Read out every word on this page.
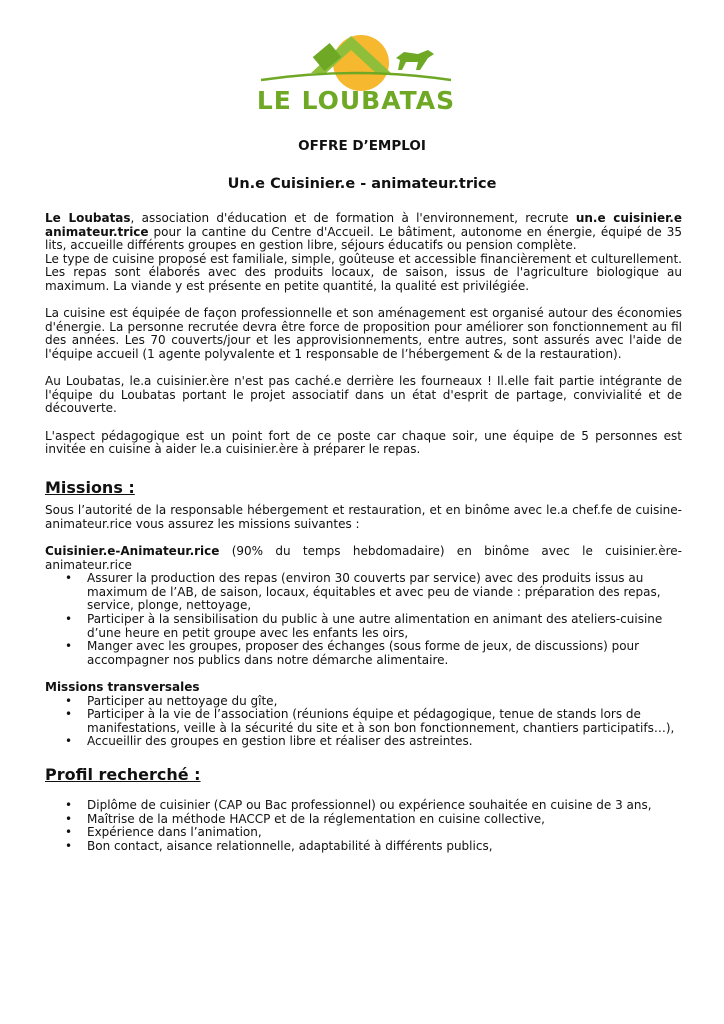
LE LOUBATAS
OFFRE D’EMPLOI
Un.e Cuisinier.e - animateur.trice

Le Loubatas, association d'éducation et de formation à l'environnement, recrute un.e cuisinier.e animateur.trice pour la cantine du Centre d'Accueil. Le bâtiment, autonome en énergie, équipé de 35 lits, accueille différents groupes en gestion libre, séjours éducatifs ou pension complète.

Le type de cuisine proposé est familiale, simple, goûteuse et accessible financièrement et culturellement. Les repas sont élaborés avec des produits locaux, de saison, issus de l'agriculture biologique au maximum. La viande y est présente en petite quantité, la qualité est privilégiée.

La cuisine est équipée de façon professionnelle et son aménagement est organisé autour des économies d'énergie. La personne recrutée devra être force de proposition pour améliorer son fonctionnement au fil des années. Les 70 couverts/jour et les approvisionnements, entre autres, sont assurés avec l'aide de l'équipe accueil (1 agente polyvalente et 1 responsable de l’hébergement & de la restauration).

Au Loubatas, le.a cuisinier.ère n'est pas caché.e derrière les fourneaux ! Il.elle fait partie intégrante de l'équipe du Loubatas portant le projet associatif dans un état d'esprit de partage, convivialité et de découverte.

L'aspect pédagogique est un point fort de ce poste car chaque soir, une équipe de 5 personnes est invitée en cuisine à aider le.a cuisinier.ère à préparer le repas.

Missions :

Sous l’autorité de la responsable hébergement et restauration, et en binôme avec le.a chef.fe de cuisine-animateur.rice vous assurez les missions suivantes :

Cuisinier.e-Animateur.rice (90% du temps hebdomadaire) en binôme avec le cuisinier.ère-animateur.rice

• Assurer la production des repas (environ 30 couverts par service) avec des produits issus au maximum de l’AB, de saison, locaux, équitables et avec peu de viande : préparation des repas, service, plonge, nettoyage,
• Participer à la sensibilisation du public à une autre alimentation en animant des ateliers-cuisine d’une heure en petit groupe avec les enfants les oirs,
• Manger avec les groupes, proposer des échanges (sous forme de jeux, de discussions) pour accompagner nos publics dans notre démarche alimentaire.
Missions transversales
• Participer au nettoyage du gîte,
• Participer à la vie de l’association (réunions équipe et pédagogique, tenue de stands lors de manifestations, veille à la sécurité du site et à son bon fonctionnement, chantiers participatifs…),
• Accueillir des groupes en gestion libre et réaliser des astreintes.
Profil recherché :
• Diplôme de cuisinier (CAP ou Bac professionnel) ou expérience souhaitée en cuisine de 3 ans,
• Maîtrise de la méthode HACCP et de la réglementation en cuisine collective,
• Expérience dans l’animation,
• Bon contact, aisance relationnelle, adaptabilité à différents publics,
